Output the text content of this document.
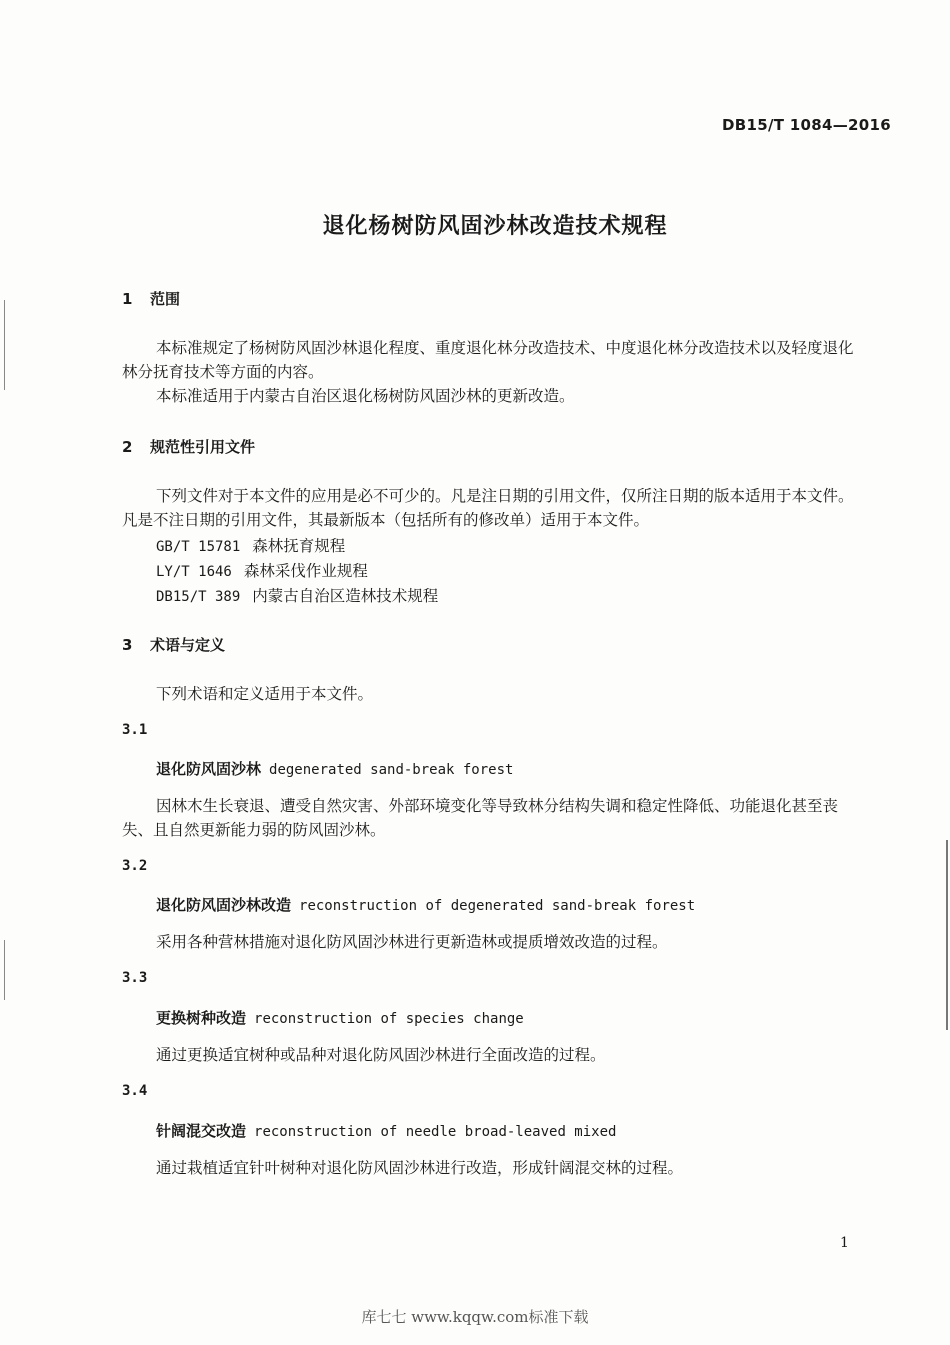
DB15/T 1084—2016
退化杨树防风固沙林改造技术规程
1 范围
本标准规定了杨树防风固沙林退化程度、重度退化林分改造技术、中度退化林分改造技术以及轻度退化林分抚育技术等方面的内容。
本标准适用于内蒙古自治区退化杨树防风固沙林的更新改造。
2 规范性引用文件
下列文件对于本文件的应用是必不可少的。凡是注日期的引用文件，仅所注日期的版本适用于本文件。凡是不注日期的引用文件，其最新版本（包括所有的修改单）适用于本文件。
GB/T 15781 森林抚育规程
LY/T 1646 森林采伐作业规程
DB15/T 389 内蒙古自治区造林技术规程
3 术语与定义
下列术语和定义适用于本文件。
3.1
退化防风固沙林 degenerated sand-break forest
因林木生长衰退、遭受自然灾害、外部环境变化等导致林分结构失调和稳定性降低、功能退化甚至丧失、且自然更新能力弱的防风固沙林。
3.2
退化防风固沙林改造 reconstruction of degenerated sand-break forest
采用各种营林措施对退化防风固沙林进行更新造林或提质增效改造的过程。
3.3
更换树种改造 reconstruction of species change
通过更换适宜树种或品种对退化防风固沙林进行全面改造的过程。
3.4
针阔混交改造 reconstruction of needle broad-leaved mixed
通过栽植适宜针叶树种对退化防风固沙林进行改造，形成针阔混交林的过程。
1
库七七 www.kqqw.com标准下载
